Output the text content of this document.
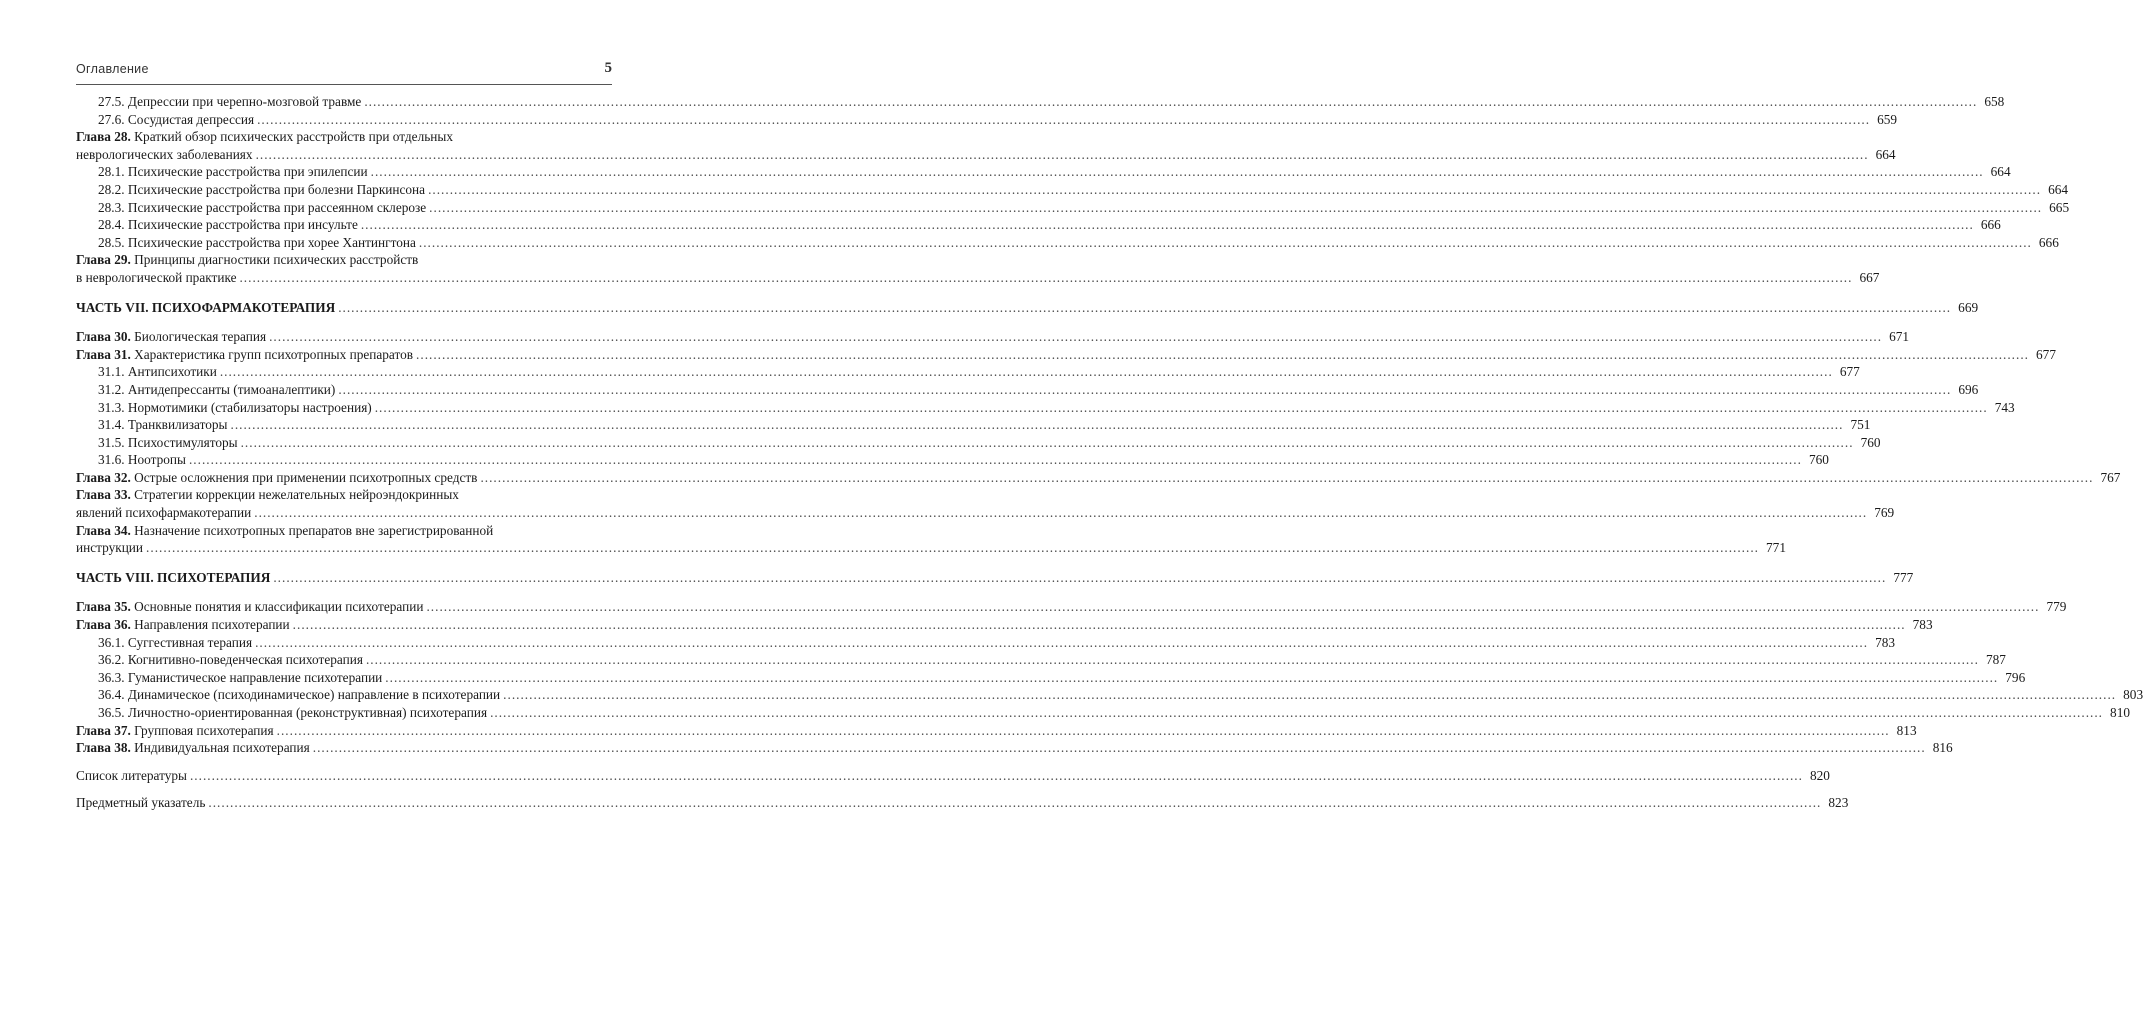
Оглавление	5
27.5. Депрессии при черепно-мозговой травме .....	658
27.6. Сосудистая депрессия .....	659
Глава 28. Краткий обзор психических расстройств при отдельных
неврологических заболеваниях .....	664
28.1. Психические расстройства при эпилепсии .....	664
28.2. Психические расстройства при болезни Паркинсона .....	664
28.3. Психические расстройства при рассеянном склерозе .....	665
28.4. Психические расстройства при инсульте .....	666
28.5. Психические расстройства при хорее Хантингтона .....	666
Глава 29. Принципы диагностики психических расстройств
в неврологической практике .....	667
ЧАСТЬ VII. ПСИХОФАРМАКОТЕРАПИЯ .....	669
Глава 30. Биологическая терапия .....	671
Глава 31. Характеристика групп психотропных препаратов .....	677
31.1. Антипсихотики .....	677
31.2. Антидепрессанты (тимоаналептики) .....	696
31.3. Нормотимики (стабилизаторы настроения) .....	743
31.4. Транквилизаторы .....	751
31.5. Психостимуляторы .....	760
31.6. Ноотропы .....	760
Глава 32. Острые осложнения при применении психотропных средств .....	767
Глава 33. Стратегии коррекции нежелательных нейроэндокринных
явлений психофармакотерапии .....	769
Глава 34. Назначение психотропных препаратов вне зарегистрированной
инструкции .....	771
ЧАСТЬ VIII. ПСИХОТЕРАПИЯ .....	777
Глава 35. Основные понятия и классификации психотерапии .....	779
Глава 36. Направления психотерапии .....	783
36.1. Суггестивная терапия .....	783
36.2. Когнитивно-поведенческая психотерапия .....	787
36.3. Гуманистическое направление психотерапии .....	796
36.4. Динамическое (психодинамическое) направление в психотерапии .....	803
36.5. Личностно-ориентированная (реконструктивная) психотерапия .....	810
Глава 37. Групповая психотерапия .....	813
Глава 38. Индивидуальная психотерапия .....	816
Список литературы .....	820
Предметный указатель .....	823
